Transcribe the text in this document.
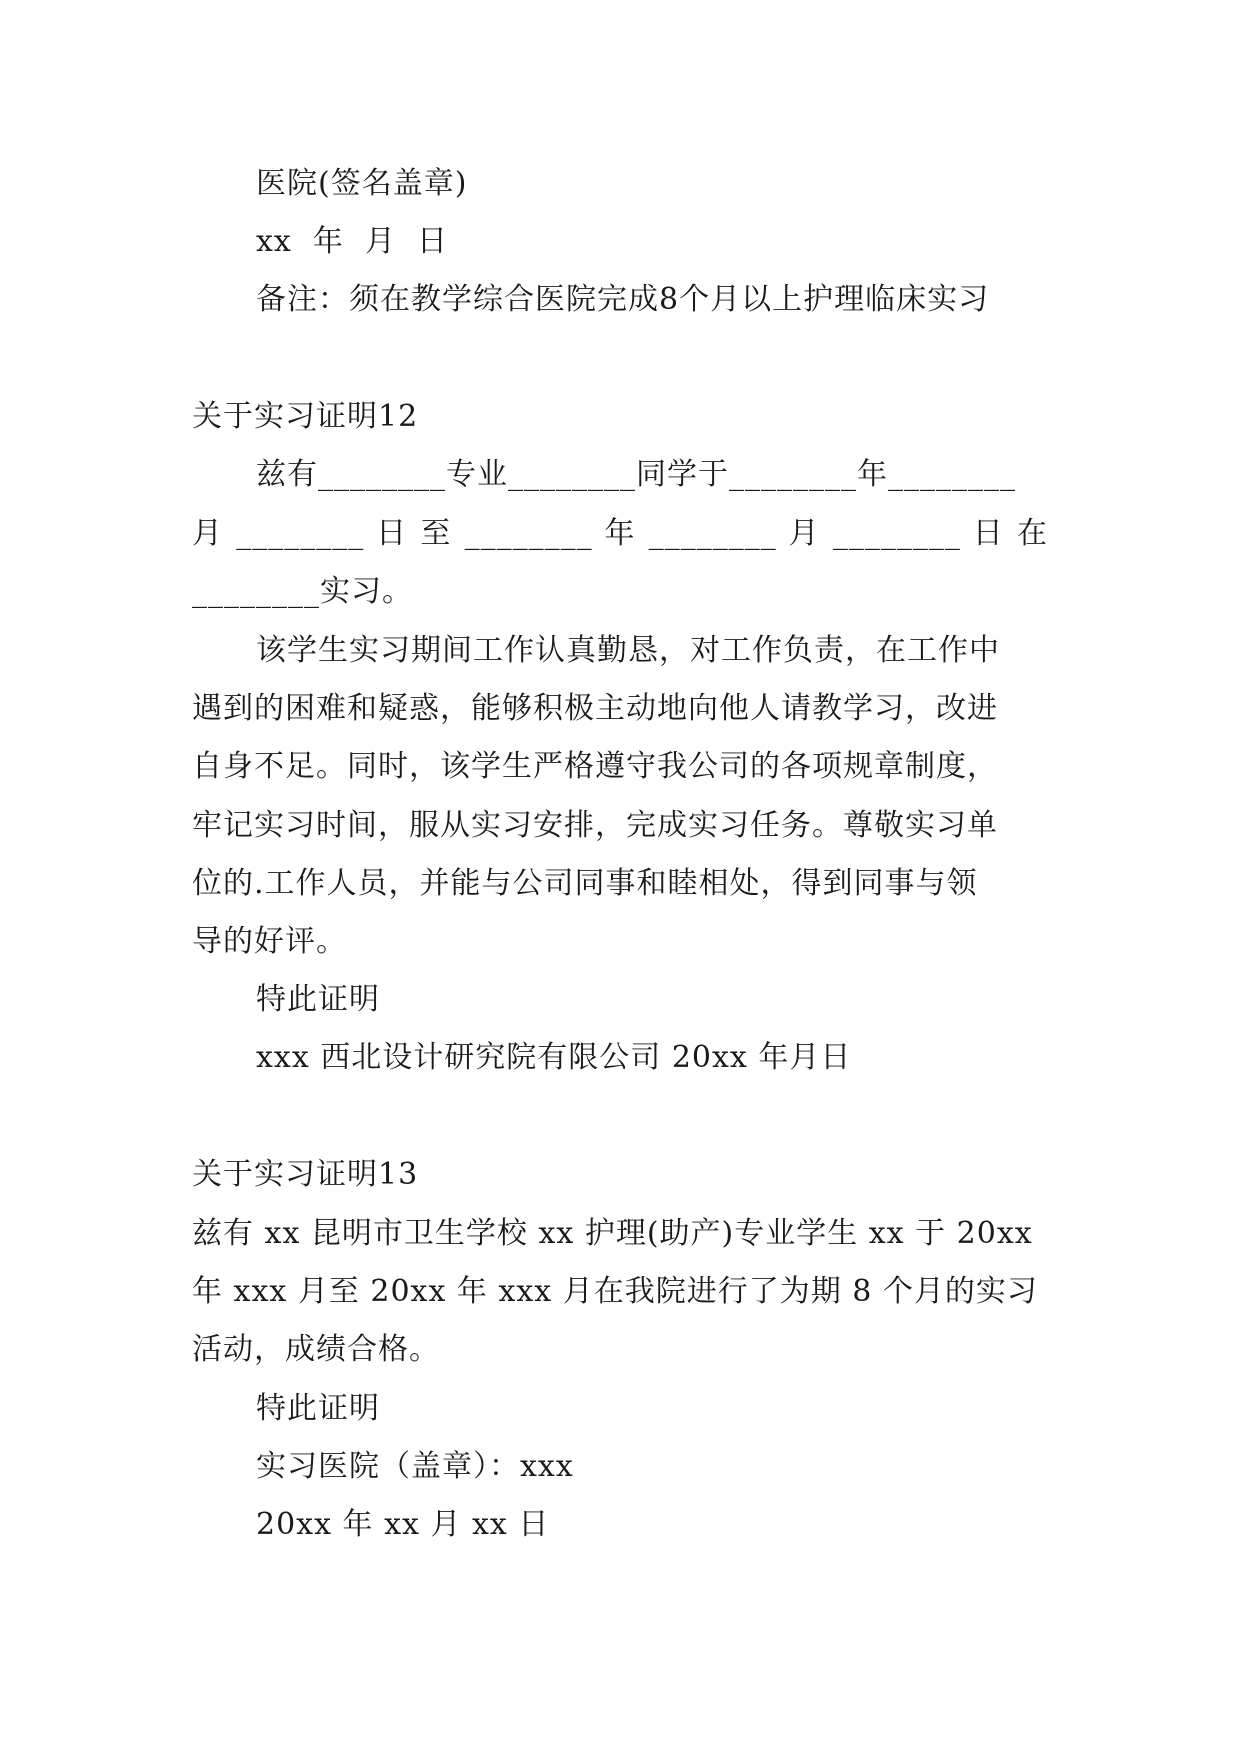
医院(签名盖章)
xx  年  月  日
备注：须在教学综合医院完成8个月以上护理临床实习
关于实习证明12
兹有________专业________同学于________年________
月 ________ 日 至 ________ 年 ________ 月 ________ 日 在
________实习。
该学生实习期间工作认真勤恳，对工作负责，在工作中
遇到的困难和疑惑，能够积极主动地向他人请教学习，改进
自身不足。同时，该学生严格遵守我公司的各项规章制度，
牢记实习时间，服从实习安排，完成实习任务。尊敬实习单
位的.工作人员，并能与公司同事和睦相处，得到同事与领
导的好评。
特此证明
xxx 西北设计研究院有限公司 20xx 年月日
关于实习证明13
兹有 xx 昆明市卫生学校 xx 护理(助产)专业学生 xx 于 20xx
年 xxx 月至 20xx 年 xxx 月在我院进行了为期 8 个月的实习
活动，成绩合格。
特此证明
实习医院（盖章）：xxx
20xx 年 xx 月 xx 日
